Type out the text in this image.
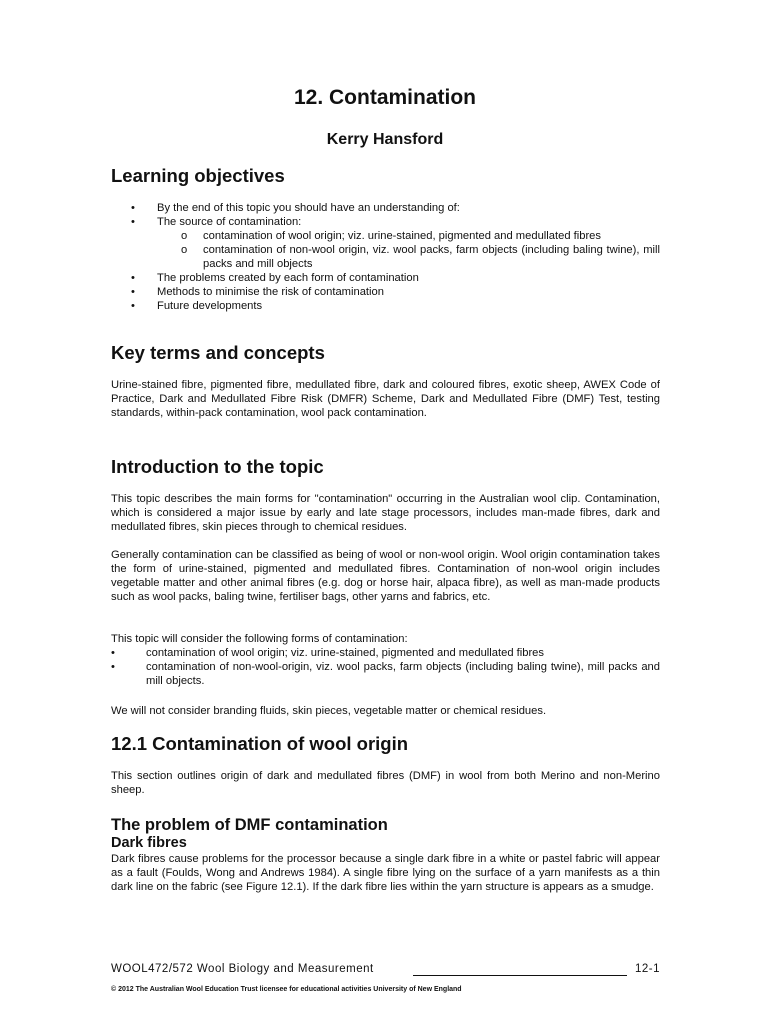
12. Contamination
Kerry Hansford
Learning objectives
• By the end of this topic you should have an understanding of:
• The source of contamination:
o contamination of wool origin; viz. urine-stained, pigmented and medullated fibres
o contamination of non-wool origin, viz. wool packs, farm objects (including baling twine), mill packs and mill objects
• The problems created by each form of contamination
• Methods to minimise the risk of contamination
• Future developments
Key terms and concepts

Urine-stained fibre, pigmented fibre, medullated fibre, dark and coloured fibres, exotic sheep, AWEX Code of Practice, Dark and Medullated Fibre Risk (DMFR) Scheme, Dark and Medullated Fibre (DMF) Test, testing standards, within-pack contamination, wool pack contamination.

Introduction to the topic

This topic describes the main forms for "contamination" occurring in the Australian wool clip. Contamination, which is considered a major issue by early and late stage processors, includes man-made fibres, dark and medullated fibres, skin pieces through to chemical residues.

Generally contamination can be classified as being of wool or non-wool origin. Wool origin contamination takes the form of urine-stained, pigmented and medullated fibres. Contamination of non-wool origin includes vegetable matter and other animal fibres (e.g. dog or horse hair, alpaca fibre), as well as man-made products such as wool packs, baling twine, fertiliser bags, other yarns and fabrics, etc.

This topic will consider the following forms of contamination:

•	contamination of wool origin; viz. urine-stained, pigmented and medullated fibres
•	contamination of non-wool-origin, viz. wool packs, farm objects (including baling twine), mill packs and mill objects.

We will not consider branding fluids, skin pieces, vegetable matter or chemical residues.

12.1 Contamination of wool origin

This section outlines origin of dark and medullated fibres (DMF) in wool from both Merino and non-Merino sheep.

The problem of DMF contamination
Dark fibres

Dark fibres cause problems for the processor because a single dark fibre in a white or pastel fabric will appear as a fault (Foulds, Wong and Andrews 1984). A single fibre lying on the surface of a yarn manifests as a thin dark line on the fabric (see Figure 12.1). If the dark fibre lies within the yarn structure is appears as a smudge.

WOOL472/572 Wool Biology and Measurement	12-1
© 2012 The Australian Wool Education Trust licensee for educational activities University of New England
